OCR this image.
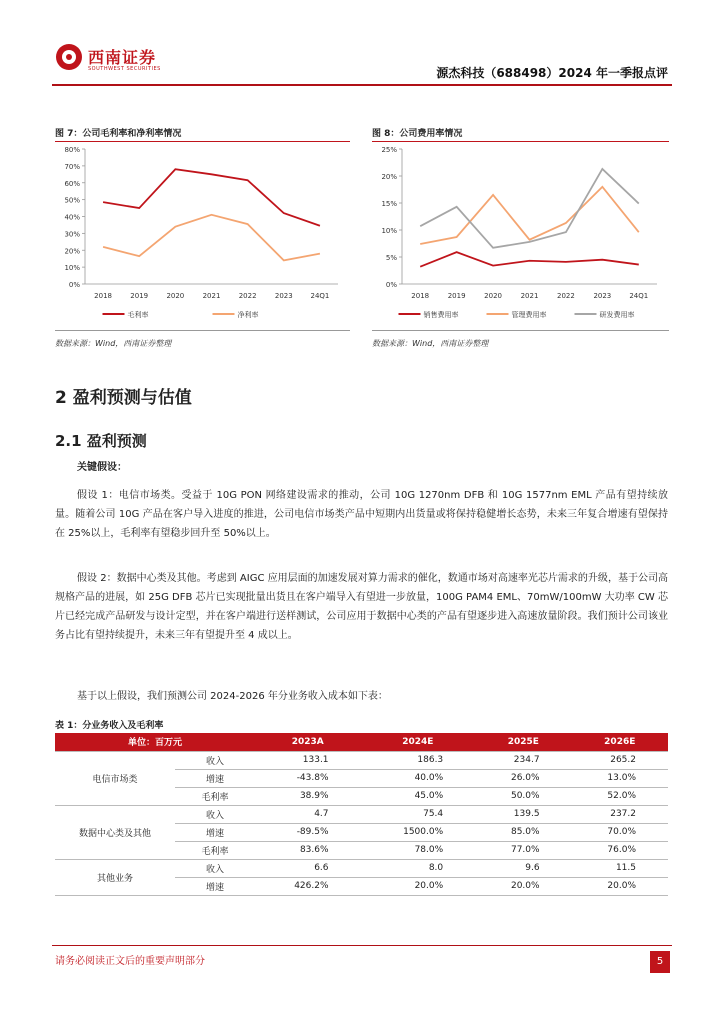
西南证券
SOUTHWEST SECURITIES	源杰科技（688498）2024 年一季报点评
图 7：公司毛利率和净利率情况
0%
10%
20%
30%
40%
50%
60%
70%
80%
2018	2019	2020	2021	2022	2023	24Q1
毛利率	净利率
数据来源：Wind，西南证券整理
图 8：公司费用率情况
0%
5%
10%
15%
20%
25%
2018	2019	2020	2021	2022	2023	24Q1
销售费用率	管理费用率	研发费用率
数据来源：Wind，西南证券整理
2 盈利预测与估值
2.1 盈利预测
关键假设：
假设 1：电信市场类。受益于 10G PON 网络建设需求的推动，公司 10G 1270nm DFB 和 10G 1577nm EML 产品有望持续放量。随着公司 10G 产品在客户导入进度的推进，公司电信市场类产品中短期内出货量或将保持稳健增长态势，未来三年复合增速有望保持在 25%以上，毛利率有望稳步回升至 50%以上。
假设 2：数据中心类及其他。考虑到 AIGC 应用层面的加速发展对算力需求的催化，数通市场对高速率光芯片需求的升级，基于公司高规格产品的进展，如 25G DFB 芯片已实现批量出货且在客户端导入有望进一步放量，100G PAM4 EML、70mW/100mW 大功率 CW 芯片已经完成产品研发与设计定型，并在客户端进行送样测试，公司应用于数据中心类的产品有望逐步进入高速放量阶段。我们预计公司该业务占比有望持续提升，未来三年有望提升至 4 成以上。
基于以上假设，我们预测公司 2024-2026 年分业务收入成本如下表：
表 1：分业务收入及毛利率
单位：百万元		2023A	2024E	2025E	2026E
电信市场类	收入	133.1	186.3	234.7	265.2
	增速	-43.8%	40.0%	26.0%	13.0%
	毛利率	38.9%	45.0%	50.0%	52.0%
数据中心类及其他	收入	4.7	75.4	139.5	237.2
	增速	-89.5%	1500.0%	85.0%	70.0%
	毛利率	83.6%	78.0%	77.0%	76.0%
其他业务	收入	6.6	8.0	9.6	11.5
	增速	426.2%	20.0%	20.0%	20.0%
请务必阅读正文后的重要声明部分	5
